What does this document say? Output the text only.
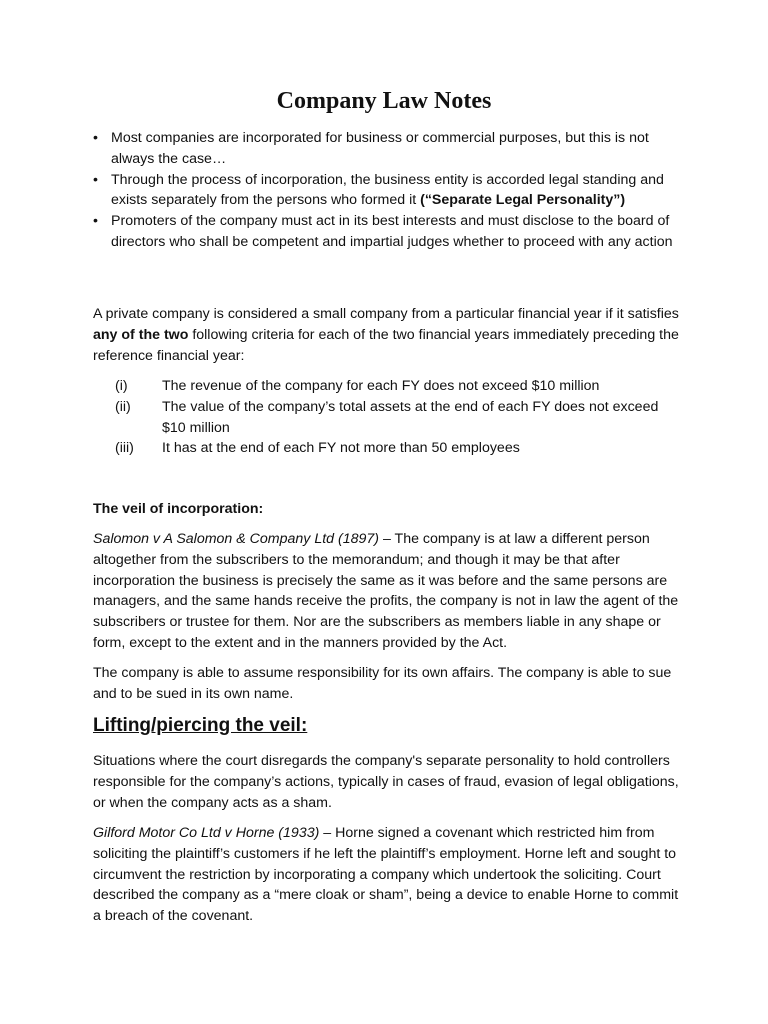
Company Law Notes
• Most companies are incorporated for business or commercial purposes, but this is not always the case…
• Through the process of incorporation, the business entity is accorded legal standing and exists separately from the persons who formed it (“Separate Legal Personality”)
• Promoters of the company must act in its best interests and must disclose to the board of directors who shall be competent and impartial judges whether to proceed with any action

A private company is considered a small company from a particular financial year if it satisfies any of the two following criteria for each of the two financial years immediately preceding the reference financial year:

(i) The revenue of the company for each FY does not exceed $10 million
(ii) The value of the company’s total assets at the end of each FY does not exceed $10 million
(iii) It has at the end of each FY not more than 50 employees

The veil of incorporation:

Salomon v A Salomon & Company Ltd (1897) – The company is at law a different person altogether from the subscribers to the memorandum; and though it may be that after incorporation the business is precisely the same as it was before and the same persons are managers, and the same hands receive the profits, the company is not in law the agent of the subscribers or trustee for them. Nor are the subscribers as members liable in any shape or form, except to the extent and in the manners provided by the Act.

The company is able to assume responsibility for its own affairs. The company is able to sue and to be sued in its own name.

Lifting/piercing the veil:

Situations where the court disregards the company's separate personality to hold controllers responsible for the company’s actions, typically in cases of fraud, evasion of legal obligations, or when the company acts as a sham.

Gilford Motor Co Ltd v Horne (1933) – Horne signed a covenant which restricted him from soliciting the plaintiff’s customers if he left the plaintiff’s employment. Horne left and sought to circumvent the restriction by incorporating a company which undertook the soliciting. Court described the company as a “mere cloak or sham”, being a device to enable Horne to commit a breach of the covenant.
